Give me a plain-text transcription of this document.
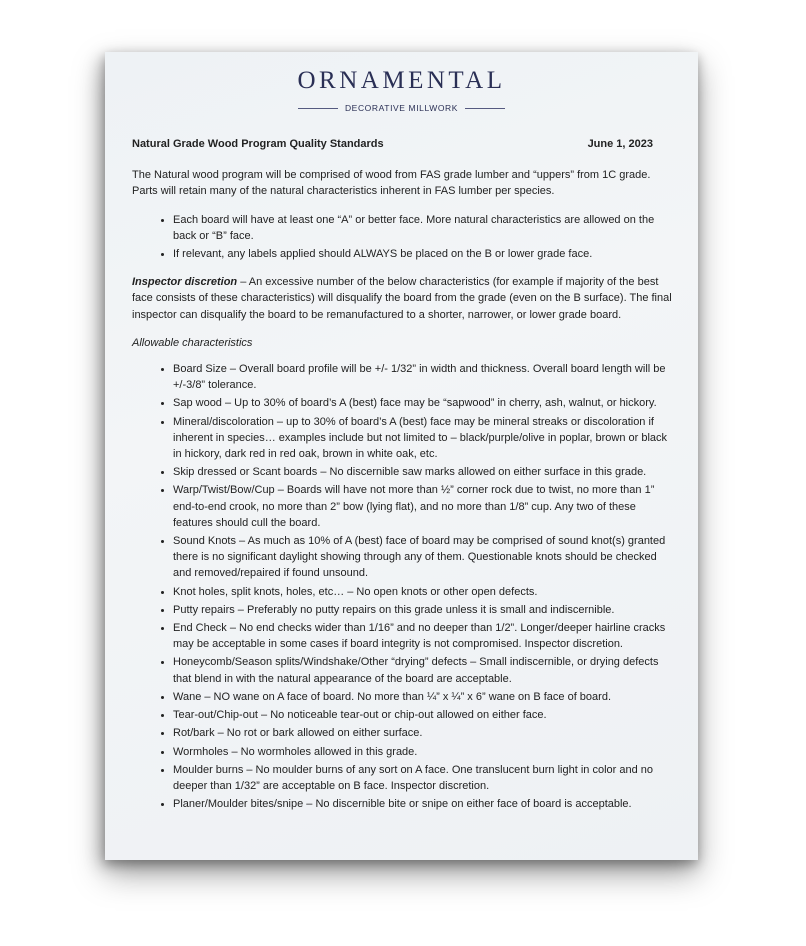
ORNAMENTAL
DECORATIVE MILLWORK
Natural Grade Wood Program Quality Standards	June 1, 2023

The Natural wood program will be comprised of wood from FAS grade lumber and “uppers” from 1C grade. Parts will retain many of the natural characteristics inherent in FAS lumber per species.

• Each board will have at least one “A” or better face. More natural characteristics are allowed on the back or “B” face.
• If relevant, any labels applied should ALWAYS be placed on the B or lower grade face.

Inspector discretion – An excessive number of the below characteristics (for example if majority of the best face consists of these characteristics) will disqualify the board from the grade (even on the B surface). The final inspector can disqualify the board to be remanufactured to a shorter, narrower, or lower grade board.

Allowable characteristics
• Board Size – Overall board profile will be +/- 1/32” in width and thickness. Overall board length will be +/-3/8” tolerance.
• Sap wood – Up to 30% of board’s A (best) face may be “sapwood” in cherry, ash, walnut, or hickory.
• Mineral/discoloration – up to 30% of board’s A (best) face may be mineral streaks or discoloration if inherent in species… examples include but not limited to – black/purple/olive in poplar, brown or black in hickory, dark red in red oak, brown in white oak, etc.
• Skip dressed or Scant boards – No discernible saw marks allowed on either surface in this grade.
• Warp/Twist/Bow/Cup – Boards will have not more than ½” corner rock due to twist, no more than 1” end-to-end crook, no more than 2” bow (lying flat), and no more than 1/8” cup. Any two of these features should cull the board.
• Sound Knots – As much as 10% of A (best) face of board may be comprised of sound knot(s) granted there is no significant daylight showing through any of them. Questionable knots should be checked and removed/repaired if found unsound.
• Knot holes, split knots, holes, etc… – No open knots or other open defects.
• Putty repairs – Preferably no putty repairs on this grade unless it is small and indiscernible.
• End Check – No end checks wider than 1/16” and no deeper than 1/2”. Longer/deeper hairline cracks may be acceptable in some cases if board integrity is not compromised. Inspector discretion.
• Honeycomb/Season splits/Windshake/Other “drying” defects – Small indiscernible, or drying defects that blend in with the natural appearance of the board are acceptable.
• Wane – NO wane on A face of board. No more than ¼” x ¼” x 6” wane on B face of board.
• Tear-out/Chip-out – No noticeable tear-out or chip-out allowed on either face.
• Rot/bark – No rot or bark allowed on either surface.
• Wormholes – No wormholes allowed in this grade.
• Moulder burns – No moulder burns of any sort on A face. One translucent burn light in color and no deeper than 1/32” are acceptable on B face. Inspector discretion.
• Planer/Moulder bites/snipe – No discernible bite or snipe on either face of board is acceptable.
